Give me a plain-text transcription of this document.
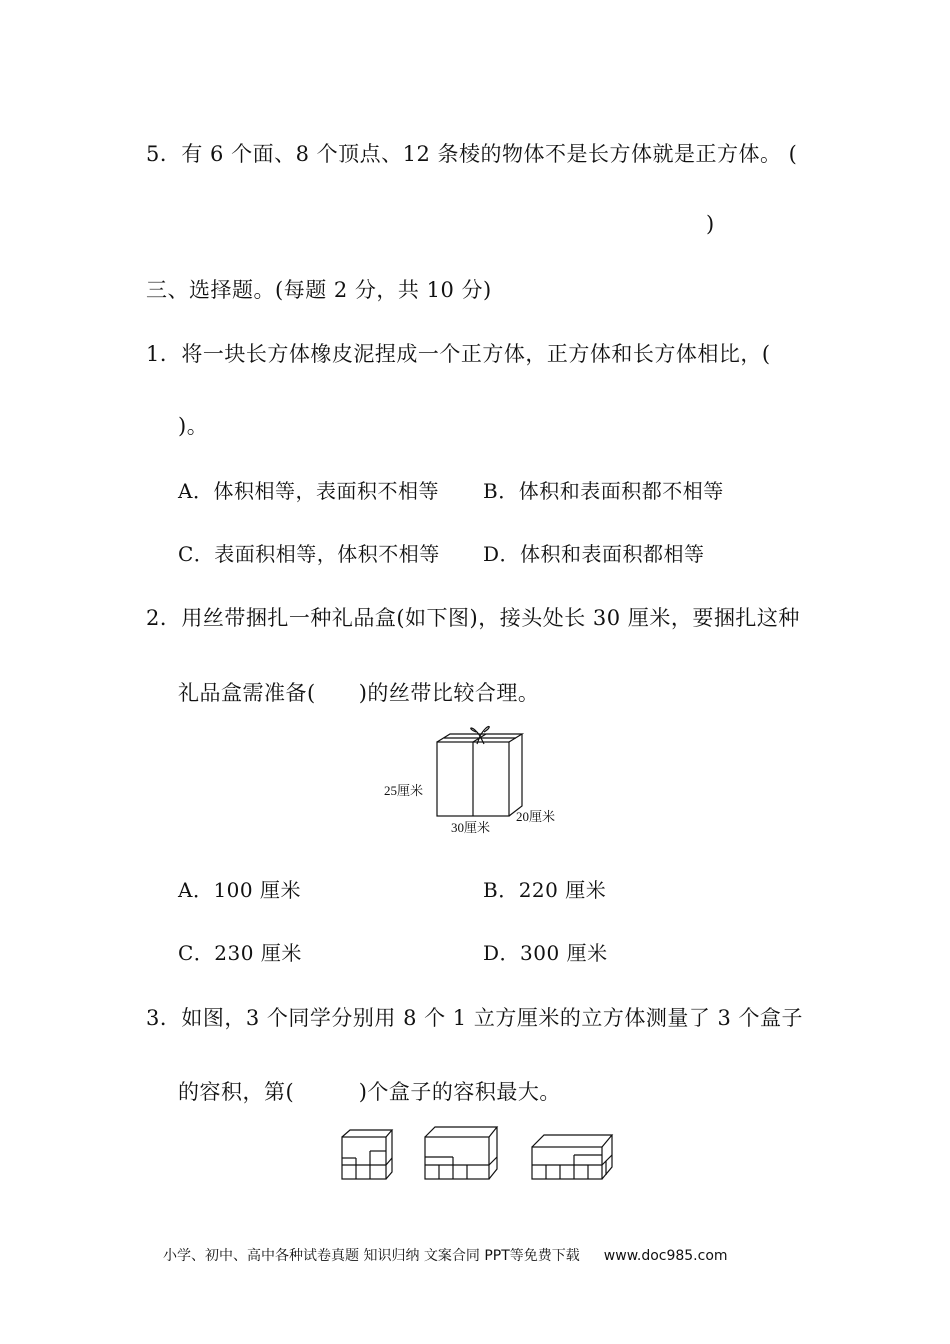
5．有 6 个面、8 个顶点、12 条棱的物体不是长方体就是正方体。 (
)
三、选择题。(每题 2 分，共 10 分)
1．将一块长方体橡皮泥捏成一个正方体，正方体和长方体相比，(
)。
A．体积相等，表面积不相等 B．体积和表面积都不相等
C．表面积相等，体积不相等 D．体积和表面积都相等
2．用丝带捆扎一种礼品盒(如下图)，接头处长 30 厘米，要捆扎这种
礼品盒需准备(　　)的丝带比较合理。
25厘米
30厘米
20厘米
A．100 厘米	B．220 厘米
C．230 厘米	D．300 厘米
3．如图，3 个同学分别用 8 个 1 立方厘米的立方体测量了 3 个盒子
的容积，第(　　　)个盒子的容积最大。
小学、初中、高中各种试卷真题 知识归纳 文案合同 PPT等免费下载 www.doc985.com
